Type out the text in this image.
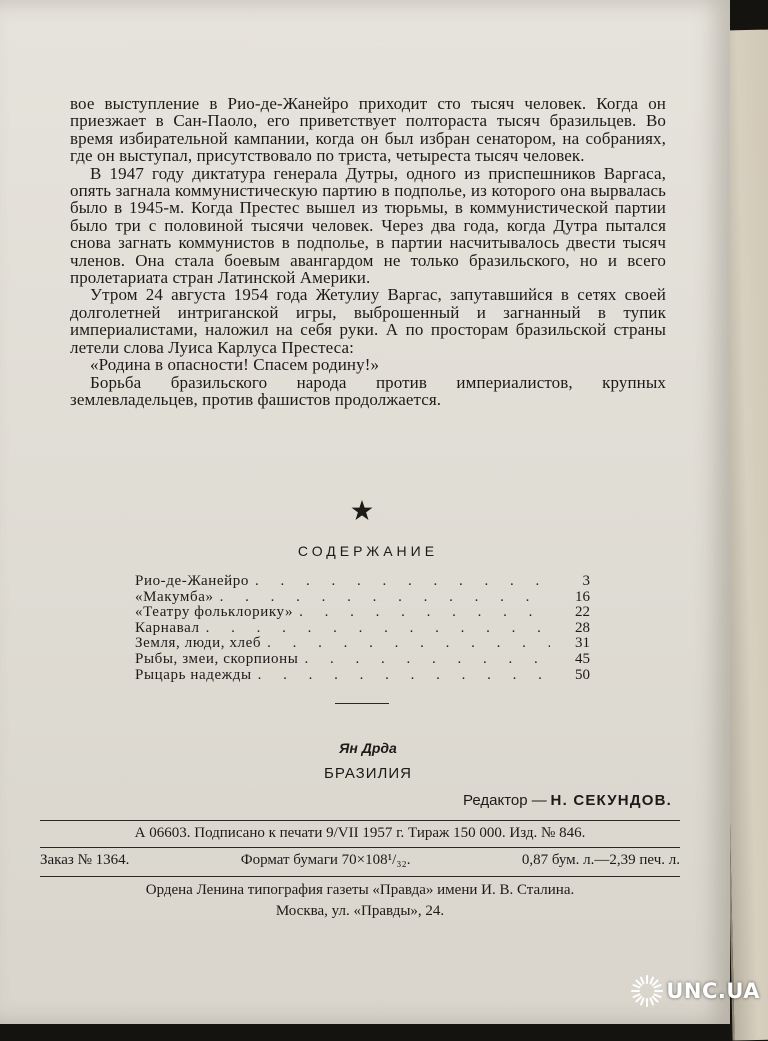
вое выступление в Рио-де-Жанейро приходит сто тысяч человек. Когда он приезжает в Сан-Паоло, его приветствует полтораста тысяч бразильцев. Во время избирательной кампании, когда он был избран сенатором, на собраниях, где он выступал, присутствовало по триста, четыреста тысяч человек.

В 1947 году диктатура генерала Дутры, одного из приспешников Варгаса, опять загнала коммунистическую партию в подполье, из которого она вырвалась было в 1945-м. Когда Престес вышел из тюрьмы, в коммунистической партии было три с половиной тысячи человек. Через два года, когда Дутра пытался снова загнать коммунистов в подполье, в партии насчитывалось двести тысяч членов. Она стала боевым авангардом не только бразильского, но и всего пролетариата стран Латинской Америки.

Утром 24 августа 1954 года Жетулиу Варгас, запутавшийся в сетях своей долголетней интриганской игры, выброшенный и загнанный в тупик империалистами, наложил на себя руки. А по просторам бразильской страны летели слова Луиса Карлуса Престеса:

«Родина в опасности! Спасем родину!»

Борьба бразильского народа против империалистов, крупных землевладельцев, против фашистов продолжается.

СОДЕРЖАНИЕ
Рио-де-Жанейро . . .	3
«Макумба» . . .	16
«Театру фольклорику» . . .	22
Карнавал . . .	28
Земля, люди, хлеб . . .	31
Рыбы, змеи, скорпионы . . .	45
Рыцарь надежды . . .	50
Ян Дрда
БРАЗИЛИЯ
Редактор — Н. СЕКУНДОВ.
А 06603. Подписано к печати 9/VII 1957 г. Тираж 150 000. Изд. № 846.
Заказ № 1364.	Формат бумаги 70×108¹/₃₂.	0,87 бум. л.—2,39 печ. л.
Ордена Ленина типография газеты «Правда» имени И. В. Сталина.
Москва, ул. «Правды», 24.
UNC.UA
